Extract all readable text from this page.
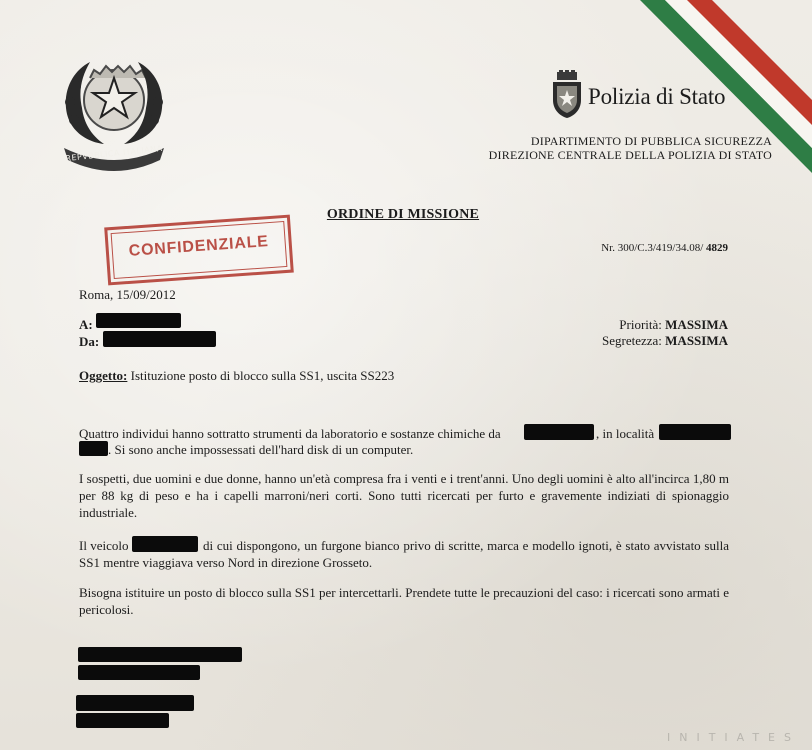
REPVBBLICA ITALIANA
Polizia di Stato
DIPARTIMENTO DI PUBBLICA SICUREZZA
DIREZIONE CENTRALE DELLA POLIZIA DI STATO
ORDINE DI MISSIONE
CONFIDENZIALE	Nr. 300/C.3/419/34.08/ 4829
Roma, 15/09/2012
A:
Da:
Priorità: MASSIMA
Segretezza: MASSIMA
Oggetto: Istituzione posto di blocco sulla SS1, uscita SS223
Quattro individui hanno sottratto strumenti da laboratorio e sostanze chimiche da	, in località
. Si sono anche impossessati dell'hard disk di un computer.
I sospetti, due uomini e due donne, hanno un'età compresa fra i venti e i trent'anni. Uno degli uomini è alto all'incirca 1,80 m per 88 kg di peso e ha i capelli marroni/neri corti. Sono tutti ricercati per furto e gravemente indiziati di spionaggio industriale.
Il veicolo	di cui dispongono, un furgone bianco privo di scritte, marca e modello ignoti, è stato avvistato sulla SS1 mentre viaggiava verso Nord in direzione Grosseto.
Bisogna istituire un posto di blocco sulla SS1 per intercettarli. Prendete tutte le precauzioni del caso: i ricercati sono armati e pericolosi.
INITIATES
